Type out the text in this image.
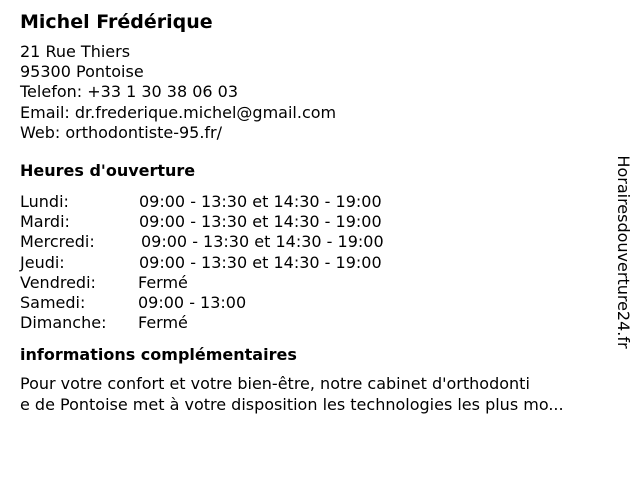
Michel Frédérique
21 Rue Thiers
95300 Pontoise
Telefon: +33 1 30 38 06 03
Email: dr.frederique.michel@gmail.com
Web: orthodontiste-95.fr/
Heures d'ouverture
Lundi:	09:00 - 13:30 et 14:30 - 19:00
Mardi:	09:00 - 13:30 et 14:30 - 19:00
Mercredi:	09:00 - 13:30 et 14:30 - 19:00
Jeudi:	09:00 - 13:30 et 14:30 - 19:00
Vendredi:	Fermé
Samedi:	09:00 - 13:00
Dimanche: Fermé
informations complémentaires
Pour votre confort et votre bien-être, notre cabinet d'orthodonti
e de Pontoise met à votre disposition les technologies les plus mo...
Horairesdouverture24.fr
